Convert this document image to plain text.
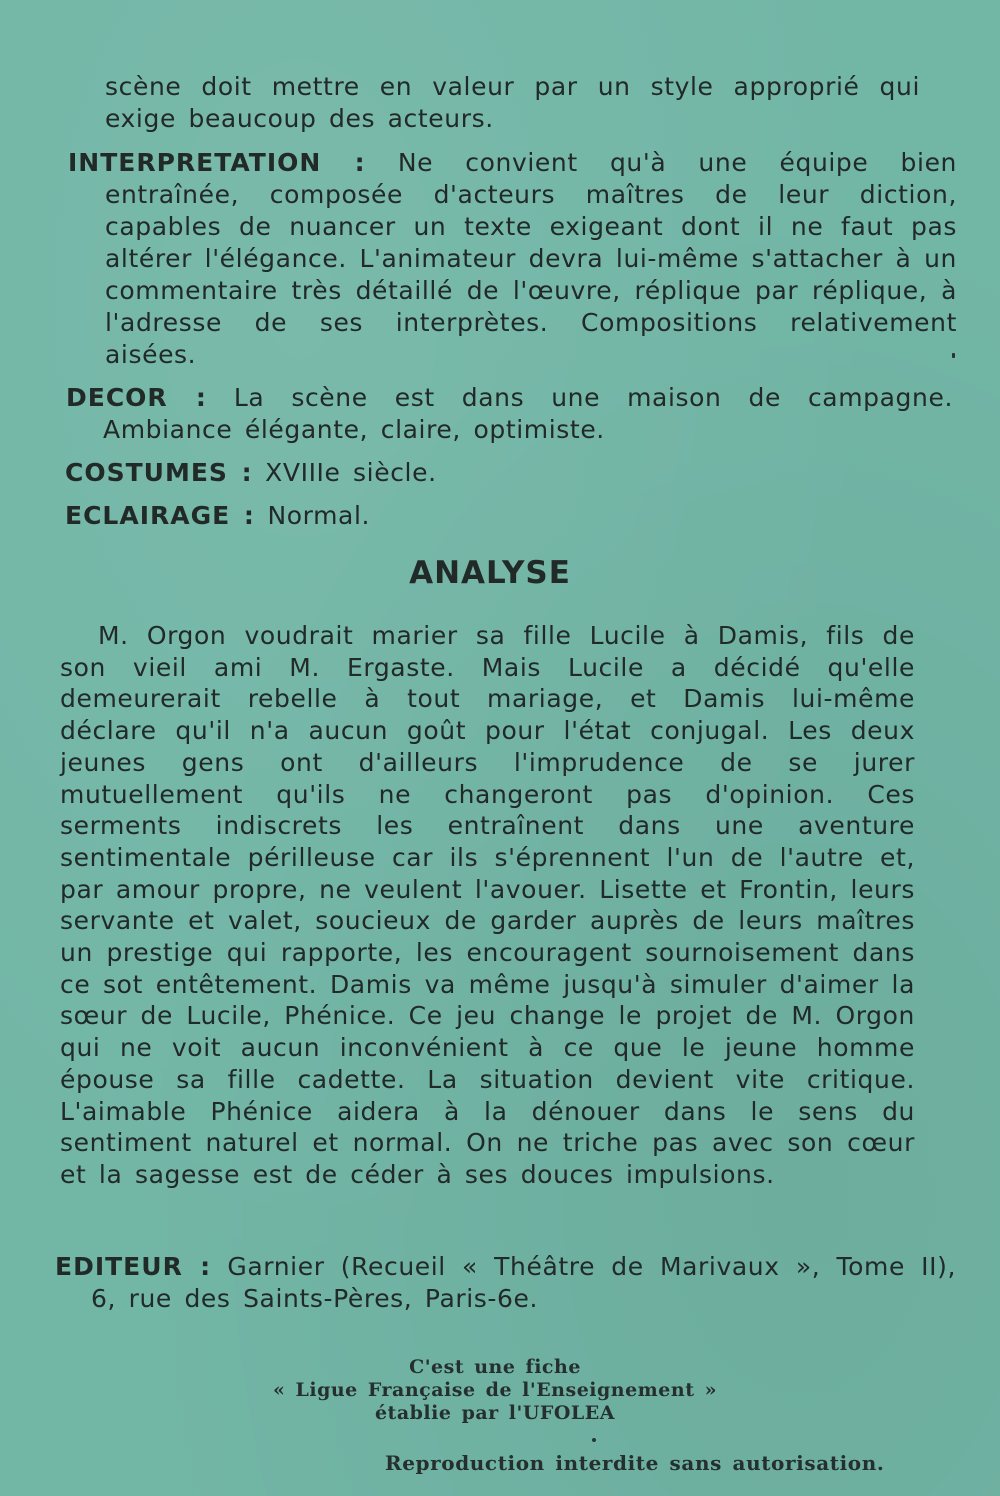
scène doit mettre en valeur par un style approprié qui exige beaucoup des acteurs.
INTERPRETATION : Ne convient qu'à une équipe bien entraînée, composée d'acteurs maîtres de leur diction, capables de nuancer un texte exigeant dont il ne faut pas altérer l'élégance. L'animateur devra lui-même s'attacher à un commentaire très détaillé de l'œuvre, réplique par réplique, à l'adresse de ses interprètes. Compositions relativement aisées.
DECOR : La scène est dans une maison de campagne. Ambiance élégante, claire, optimiste.
COSTUMES : XVIIIe siècle.
ECLAIRAGE : Normal.
ANALYSE
M. Orgon voudrait marier sa fille Lucile à Damis, fils de son vieil ami M. Ergaste. Mais Lucile a décidé qu'elle demeurerait rebelle à tout mariage, et Damis lui-même déclare qu'il n'a aucun goût pour l'état conjugal. Les deux jeunes gens ont d'ailleurs l'imprudence de se jurer mutuellement qu'ils ne changeront pas d'opinion. Ces serments indiscrets les entraînent dans une aventure sentimentale périlleuse car ils s'éprennent l'un de l'autre et, par amour propre, ne veulent l'avouer. Lisette et Frontin, leurs servante et valet, soucieux de garder auprès de leurs maîtres un prestige qui rapporte, les encouragent sournoisement dans ce sot entêtement. Damis va même jusqu'à simuler d'aimer la sœur de Lucile, Phénice. Ce jeu change le projet de M. Orgon qui ne voit aucun inconvénient à ce que le jeune homme épouse sa fille cadette. La situation devient vite critique. L'aimable Phénice aidera à la dénouer dans le sens du sentiment naturel et normal. On ne triche pas avec son cœur et la sagesse est de céder à ses douces impulsions.
EDITEUR : Garnier (Recueil « Théâtre de Marivaux », Tome II), 6, rue des Saints-Pères, Paris-6e.
C'est une fiche
« Ligue Française de l'Enseignement »
établie par l'UFOLEA
Reproduction interdite sans autorisation.
